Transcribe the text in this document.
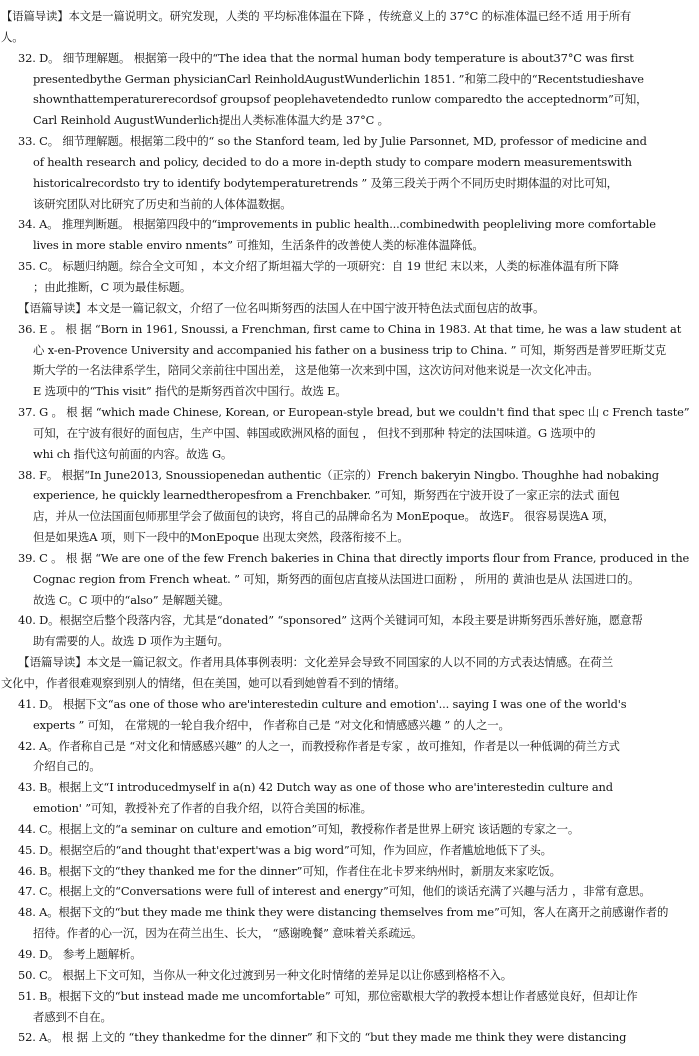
【语篇导读】本文是一篇说明文。研究发现，人类的 平均标准体温在下降 ，传统意义上的 37°C 的标准体温已经不适 用于所有
人。
32. D。 细节理解题。 根据第一段中的“The idea that the normal human body temperature is about37°C was first
presentedbythe German physicianCarl ReinholdAugustWunderlichin 1851. ”和第二段中的“Recentstudieshave
shownthattemperaturerecordsof groupsof peoplehavetendedto runlow comparedto the acceptednorm”可知，
Carl Reinhold AugustWunderlich提出人类标准体温大约是 37°C 。
33. C。 细节理解题。根据第二段中的“ so the Stanford team, led by Julie Parsonnet, MD, professor of medicine and
of health research and policy, decided to do a more in-depth study to compare modern measurementswith
historicalrecordsto try to identify bodytemperaturetrends ” 及第三段关于两个不同历史时期体温的对比可知，
该研究团队对比研究了历史和当前的人体体温数据。
34. A。 推理判断题。 根据第四段中的“improvements in public health...combinedwith peopleliving more comfortable
lives in more stable enviro nments” 可推知，生活条件的改善使人类的标准体温降低。
35. C。 标题归纳题。综合全文可知 ，本文介绍了斯坦福大学的一项研究：自 19 世纪 末以来，人类的标准体温有所下降
；由此推断，C 项为最佳标题。
【语篇导读】本文是一篇记叙文，介绍了一位名叫斯努西的法国人在中国宁波开特色法式面包店的故事。
36. E 。 根 据 “Born in 1961, Snoussi, a Frenchman, first came to China in 1983. At that time, he was a law student at
心 x-en-Provence University and accompanied his father on a business trip to China. ” 可知，斯努西是普罗旺斯艾克
斯大学的一名法律系学生，陪同父亲前往中国出差， 这是他第一次来到中国，这次访问对他来说是一次文化冲击。
E 选项中的“This visit” 指代的是斯努西首次中国行。故选 E。
37. G 。 根 据 “which made Chinese, Korean, or European-style bread, but we couldn't find that spec 山 c French taste”
可知，在宁波有很好的面包店，生产中国、韩国或欧洲风格的面包 ， 但找不到那种 特定的法国味道。G 选项中的
whi ch 指代这句前面的内容。故选 G。
38. F。 根据“In June2013, Snoussiopenedan authentic（正宗的）French bakeryin Ningbo. Thoughhe had nobaking
experience, he quickly learnedtheropesfrom a Frenchbaker. ”可知，斯努西在宁波开设了一家正宗的法式 面包
店，并从一位法国面包师那里学会了做面包的诀窍，将自己的品牌命名为 MonEpoque。 故选F。 很容易误选A 项，
但是如果选A 项，则下一段中的MonEpoque 出现太突然，段落衔接不上。
39. C 。 根 据 “We are one of the few French bakeries in China that directly imports flour from France, produced in the
Cognac region from French wheat. ” 可知，斯努西的面包店直接从法国进口面粉 ， 所用的 黄油也是从 法国进口的。
故选 C。C 项中的“also” 是解题关键。
40. D。根据空后整个段落内容，尤其是“donated” “sponsored” 这两个关键词可知，本段主要是讲斯努西乐善好施，愿意帮
助有需要的人。故选 D 项作为主题句。
【语篇导读】本文是一篇记叙文。作者用具体事例表明：文化差异会导致不同国家的人以不同的方式表达情感。在荷兰
文化中，作者很难观察到别人的情绪，但在美国，她可以看到她曾看不到的情绪。
41. D。 根据下文“as one of those who are'interestedin culture and emotion'... saying I was one of the world's
experts ” 可知， 在常规的一轮自我介绍中， 作者称自己是 “对文化和情感感兴趣 ” 的人之一。
42. A。作者称自己是 “对文化和情感感兴趣” 的人之一，而教授称作者是专家 ，故可推知，作者是以一种低调的荷兰方式
介绍自己的。
43. B。根据上文“I introducedmyself in a(n) 42 Dutch way as one of those who are'interestedin culture and
emotion' ”可知，教授补充了作者的自我介绍，以符合美国的标准。
44. C。根据上文的“a seminar on culture and emotion”可知，教授称作者是世界上研究 该话题的专家之一。
45. D。根据空后的“and thought that'expert'was a big word”可知，作为回应，作者尴尬地低下了头。
46. B。根据下文的“they thanked me for the dinner”可知，作者住在北卡罗来纳州时，新朋友来家吃饭。
47. C。根据上文的“Conversations were full of interest and energy”可知，他们的谈话充满了兴趣与活力 ，非常有意思。
48. A。根据下文的“but they made me think they were distancing themselves from me”可知，客人在离开之前感谢作者的
招待。作者的心一沉，因为在荷兰出生、长大， “感谢晚餐” 意味着关系疏远。
49. D。 参考上题解析。
50. C。 根据上下文可知，当你从一种文化过渡到另一种文化时情绪的差异足以让你感到格格不入。
51. B。根据下文的“but instead made me uncomfortable” 可知，那位密歇根大学的教授本想让作者感觉良好，但却让作
者感到不自在。
52. A。 根 据 上文的 “they thankedme for the dinner” 和下文的 “but they made me think they were distancing
